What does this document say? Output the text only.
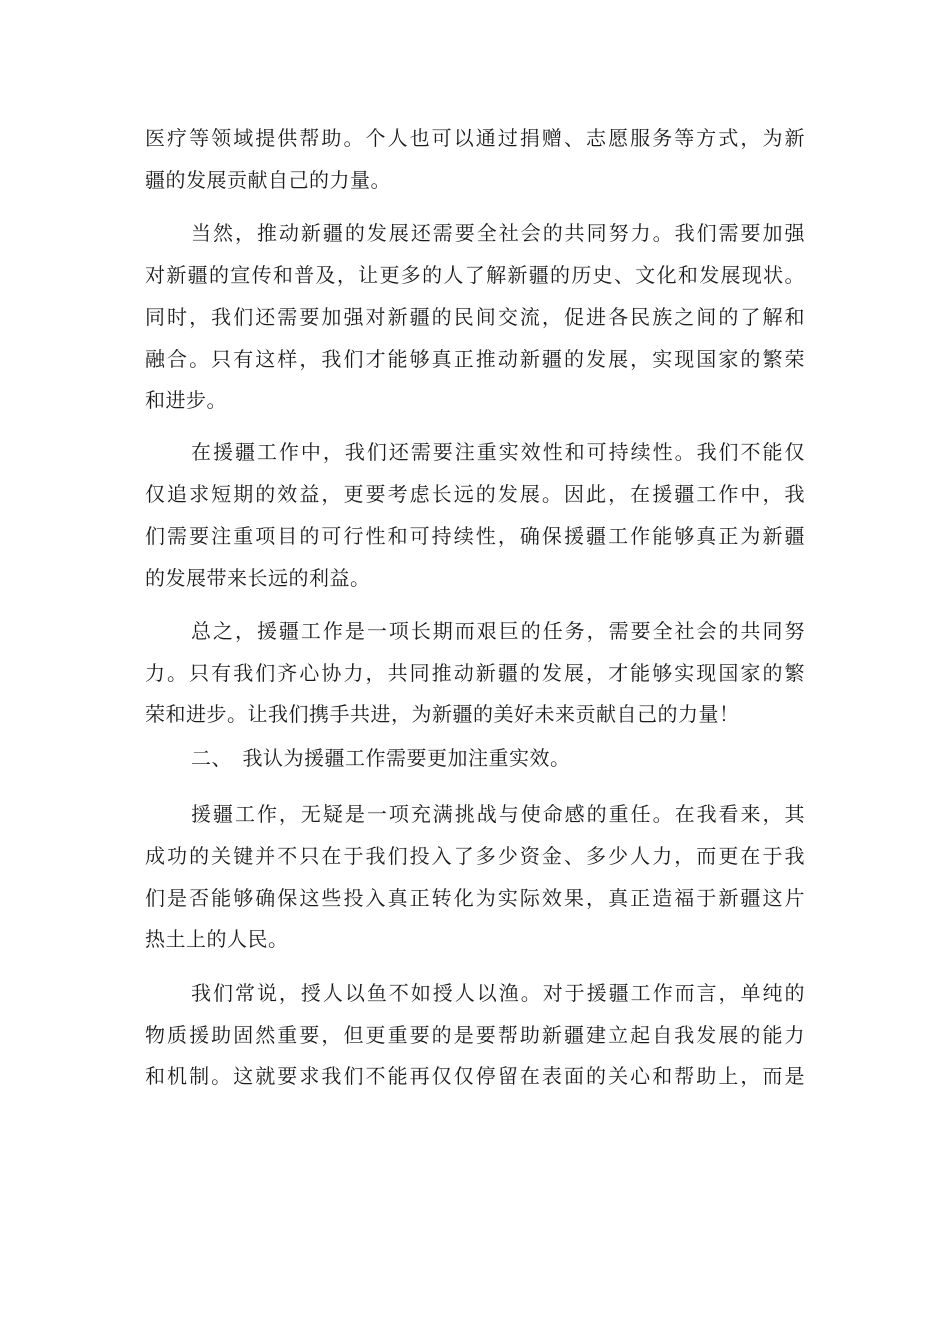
医疗等领域提供帮助。个人也可以通过捐赠、志愿服务等方式，为新
疆的发展贡献自己的力量。
当然，推动新疆的发展还需要全社会的共同努力。我们需要加强
对新疆的宣传和普及，让更多的人了解新疆的历史、文化和发展现状。
同时，我们还需要加强对新疆的民间交流，促进各民族之间的了解和
融合。只有这样，我们才能够真正推动新疆的发展，实现国家的繁荣
和进步。
在援疆工作中，我们还需要注重实效性和可持续性。我们不能仅
仅追求短期的效益，更要考虑长远的发展。因此，在援疆工作中，我
们需要注重项目的可行性和可持续性，确保援疆工作能够真正为新疆
的发展带来长远的利益。
总之，援疆工作是一项长期而艰巨的任务，需要全社会的共同努
力。只有我们齐心协力，共同推动新疆的发展，才能够实现国家的繁
荣和进步。让我们携手共进，为新疆的美好未来贡献自己的力量！
二、　我认为援疆工作需要更加注重实效。
援疆工作，无疑是一项充满挑战与使命感的重任。在我看来，其
成功的关键并不只在于我们投入了多少资金、多少人力，而更在于我
们是否能够确保这些投入真正转化为实际效果，真正造福于新疆这片
热土上的人民。
我们常说，授人以鱼不如授人以渔。对于援疆工作而言，单纯的
物质援助固然重要，但更重要的是要帮助新疆建立起自我发展的能力
和机制。这就要求我们不能再仅仅停留在表面的关心和帮助上，而是
